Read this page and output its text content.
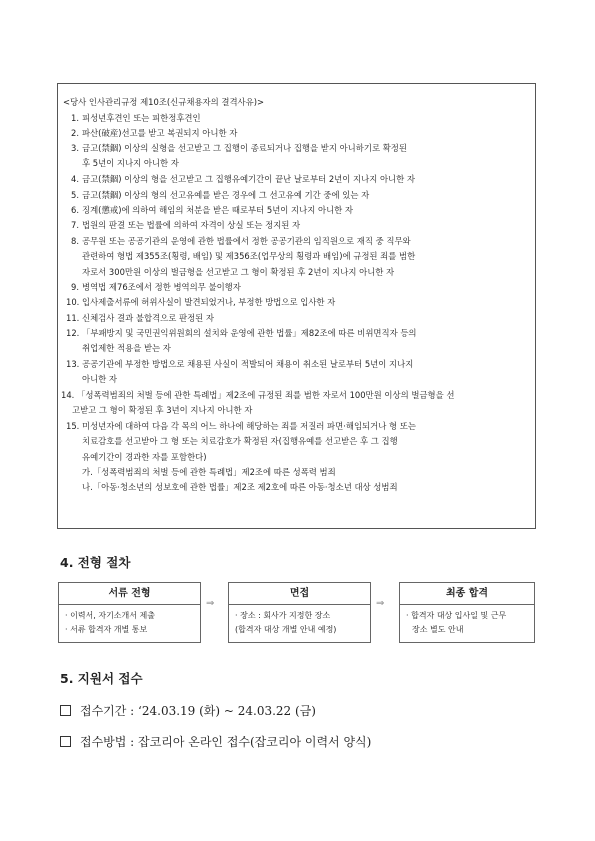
<당사 인사관리규정 제10조(신규채용자의 결격사유)>
1. 피성년후견인 또는 피한정후견인
2. 파산(破産)선고를 받고 복권되지 아니한 자
3. 금고(禁錮) 이상의 실형을 선고받고 그 집행이 종료되거나 집행을 받지 아니하기로 확정된
후 5년이 지나지 아니한 자
4. 금고(禁錮) 이상의 형을 선고받고 그 집행유예기간이 끝난 날로부터 2년이 지나지 아니한 자
5. 금고(禁錮) 이상의 형의 선고유예를 받은 경우에 그 선고유예 기간 중에 있는 자
6. 징계(懲戒)에 의하여 해임의 처분을 받은 때로부터 5년이 지나지 아니한 자
7. 법원의 판결 또는 법률에 의하여 자격이 상실 또는 정지된 자
8. 공무원 또는 공공기관의 운영에 관한 법률에서 정한 공공기관의 임직원으로 재직 중 직무와
관련하여 형법 제355조(횡령, 배임) 및 제356조(업무상의 횡령과 배임)에 규정된 죄를 범한
자로서 300만원 이상의 벌금형을 선고받고 그 형이 확정된 후 2년이 지나지 아니한 자
9. 병역법 제76조에서 정한 병역의무 불이행자
10. 입사제출서류에 허위사실이 발견되었거나, 부정한 방법으로 입사한 자
11. 신체검사 결과 불합격으로 판정된 자
12. 「부패방지 및 국민권익위원회의 설치와 운영에 관한 법률」제82조에 따른 비위면직자 등의
취업제한 적용을 받는 자
13. 공공기관에 부정한 방법으로 채용된 사실이 적발되어 채용이 취소된 날로부터 5년이 지나지
아니한 자
14. 「성폭력범죄의 처벌 등에 관한 특례법」제2조에 규정된 죄를 범한 자로서 100만원 이상의 벌금형을 선
고받고 그 형이 확정된 후 3년이 지나지 아니한 자
15. 미성년자에 대하여 다음 각 목의 어느 하나에 해당하는 죄를 저질러 파면·해임되거나 형 또는
치료감호를 선고받아 그 형 또는 치료감호가 확정된 자(집행유예를 선고받은 후 그 집행
유예기간이 경과한 자를 포함한다)
가.「성폭력범죄의 처벌 등에 관한 특례법」제2조에 따른 성폭력 범죄
나.「아동·청소년의 성보호에 관한 법률」제2조 제2호에 따른 아동·청소년 대상 성범죄
4. 전형 절차
서류 전형
· 이력서, 자기소개서 제출
· 서류 합격자 개별 통보
⇒
면접
· 장소 : 회사가 지정한 장소
(합격자 대상 개별 안내 예정)
⇒
최종 합격
· 합격자 대상 입사일 및 근무
장소 별도 안내
5. 지원서 접수
접수기간 : ‘24.03.19 (화) ~ 24.03.22 (금)
접수방법 : 잡코리아 온라인 접수(잡코리아 이력서 양식)
